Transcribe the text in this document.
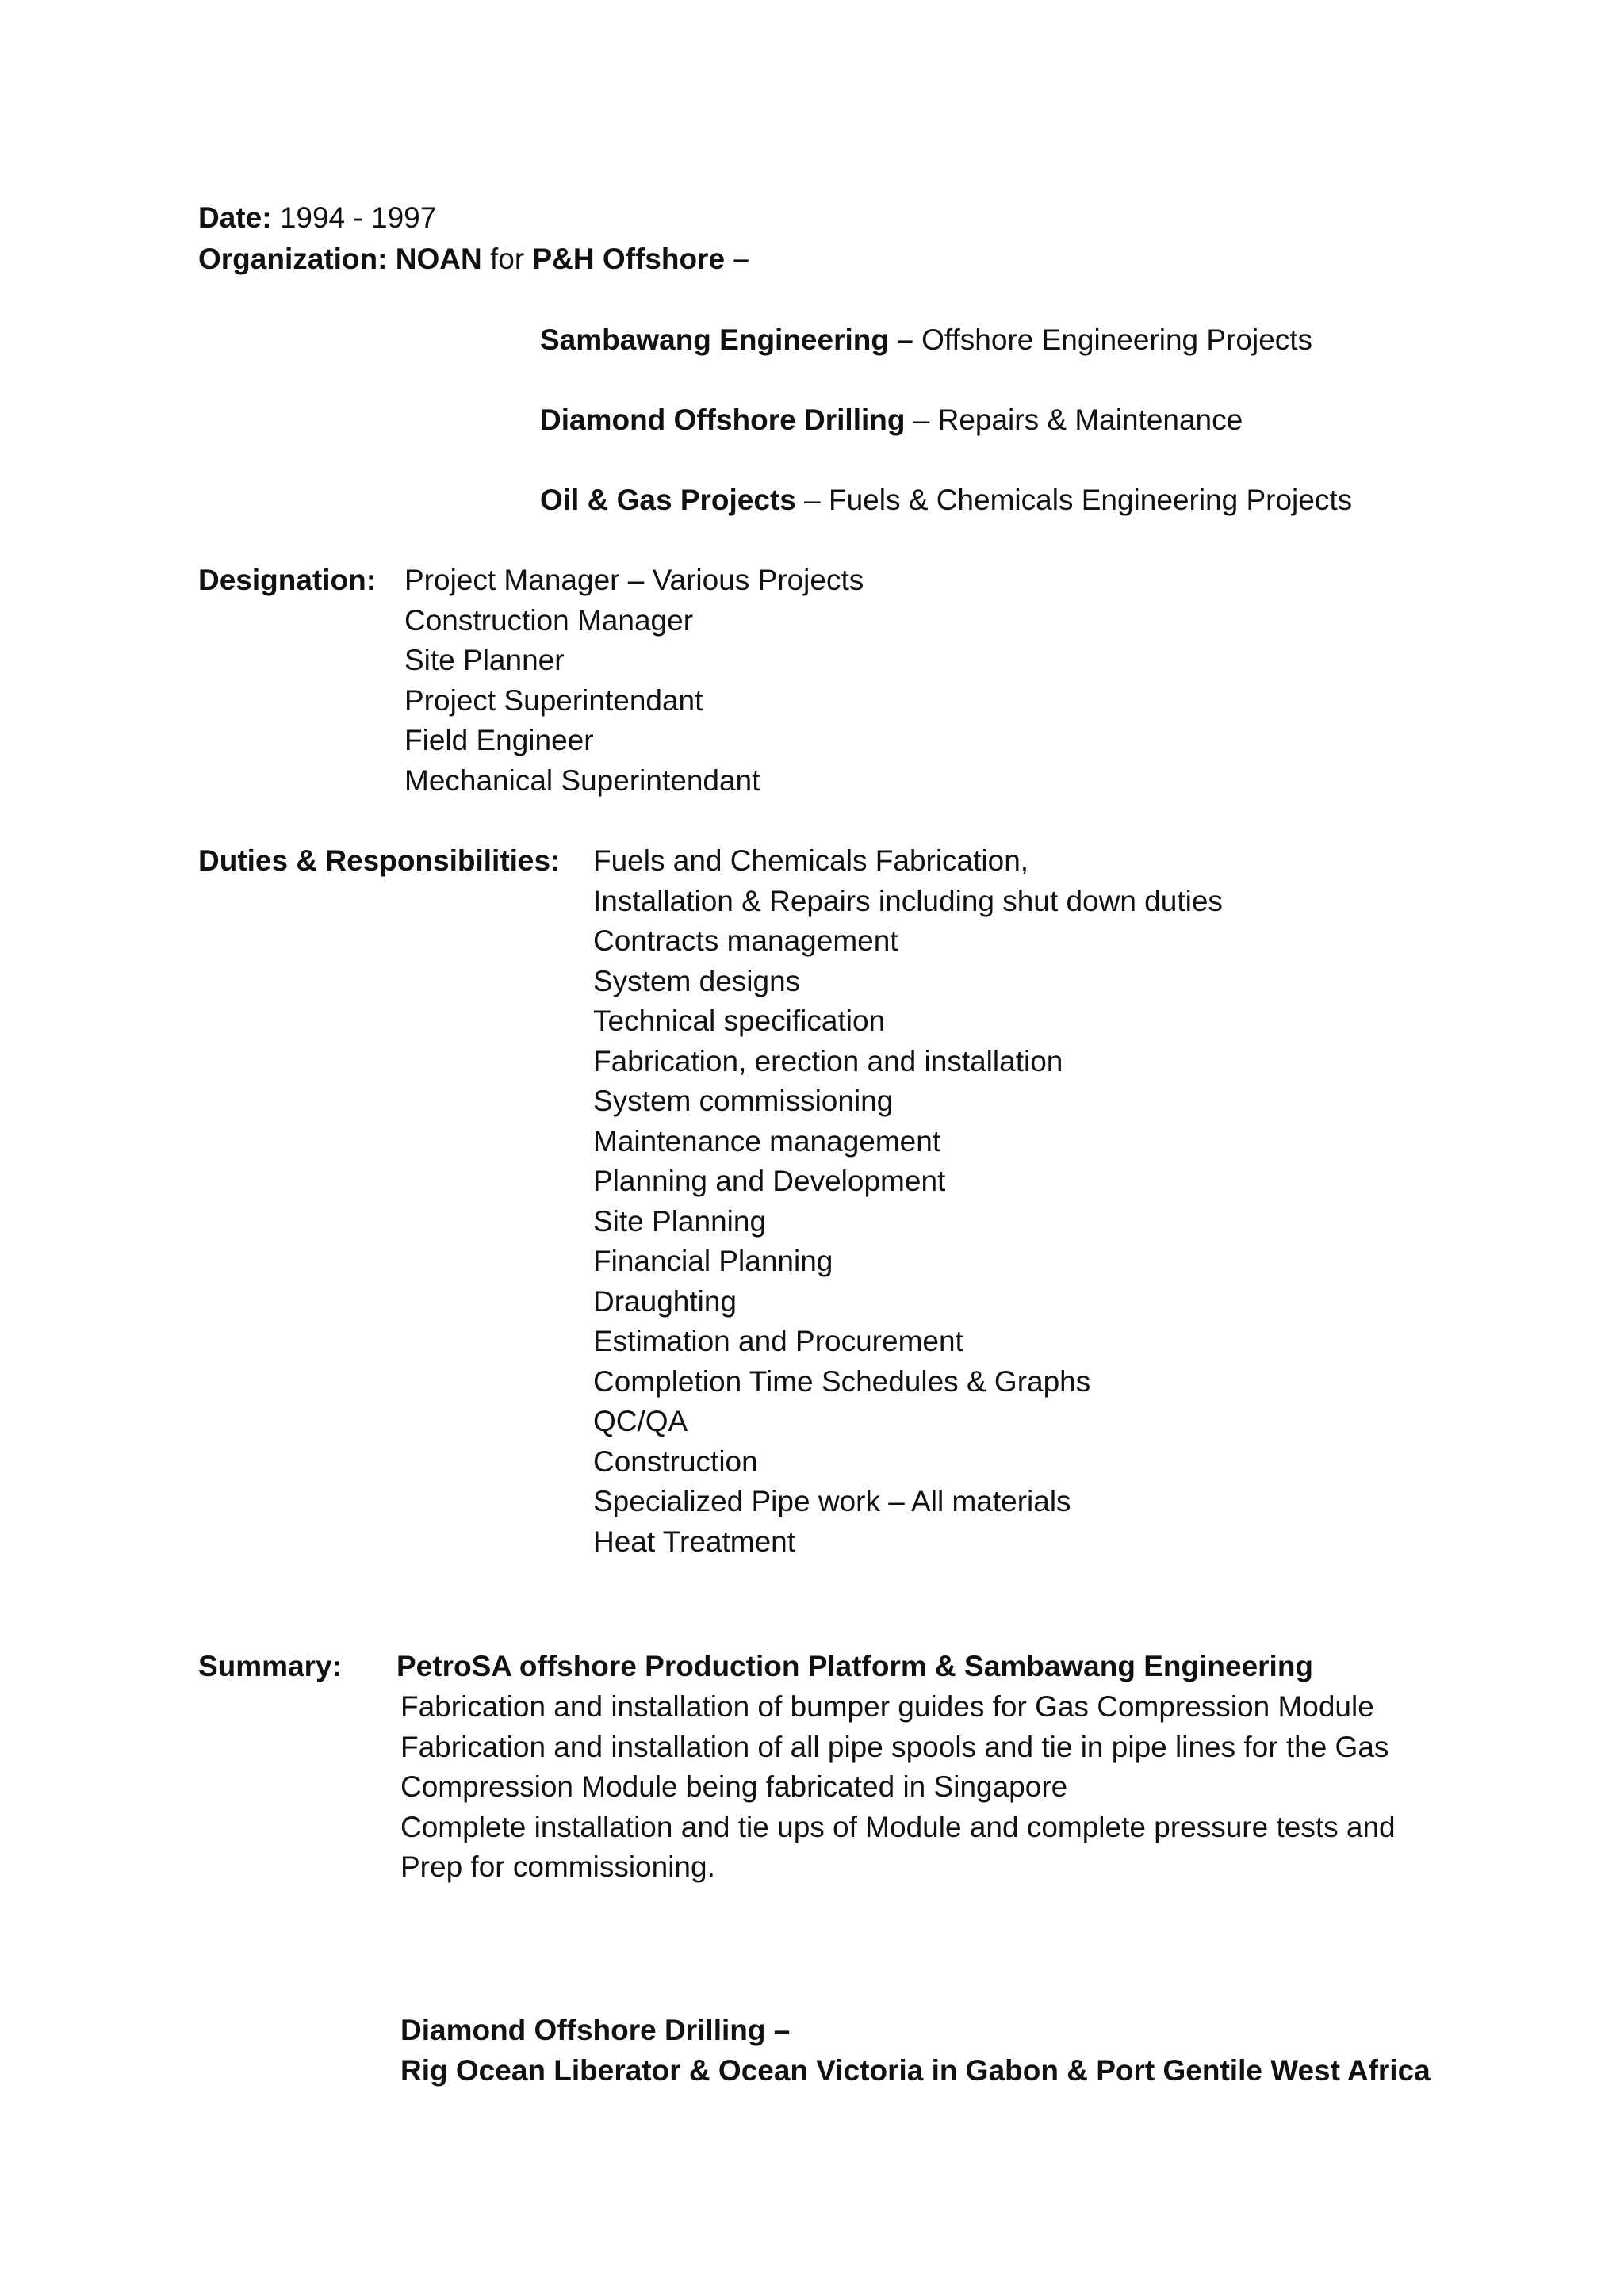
Date: 1994 - 1997
Organization: NOAN for P&H Offshore –
Sambawang Engineering – Offshore Engineering Projects
Diamond Offshore Drilling – Repairs & Maintenance
Oil & Gas Projects – Fuels & Chemicals Engineering Projects
Designation: Project Manager – Various Projects
Construction Manager
Site Planner
Project Superintendant
Field Engineer
Mechanical Superintendant
Duties & Responsibilities: Fuels and Chemicals Fabrication,
Installation & Repairs including shut down duties
Contracts management
System designs
Technical specification
Fabrication, erection and installation
System commissioning
Maintenance management
Planning and Development
Site Planning
Financial Planning
Draughting
Estimation and Procurement
Completion Time Schedules & Graphs
QC/QA
Construction
Specialized Pipe work – All materials
Heat Treatment
Summary: PetroSA offshore Production Platform & Sambawang Engineering
Fabrication and installation of bumper guides for Gas Compression Module
Fabrication and installation of all pipe spools and tie in pipe lines for the Gas
Compression Module being fabricated in Singapore
Complete installation and tie ups of Module and complete pressure tests and
Prep for commissioning.
Diamond Offshore Drilling –
Rig Ocean Liberator & Ocean Victoria in Gabon & Port Gentile West Africa
